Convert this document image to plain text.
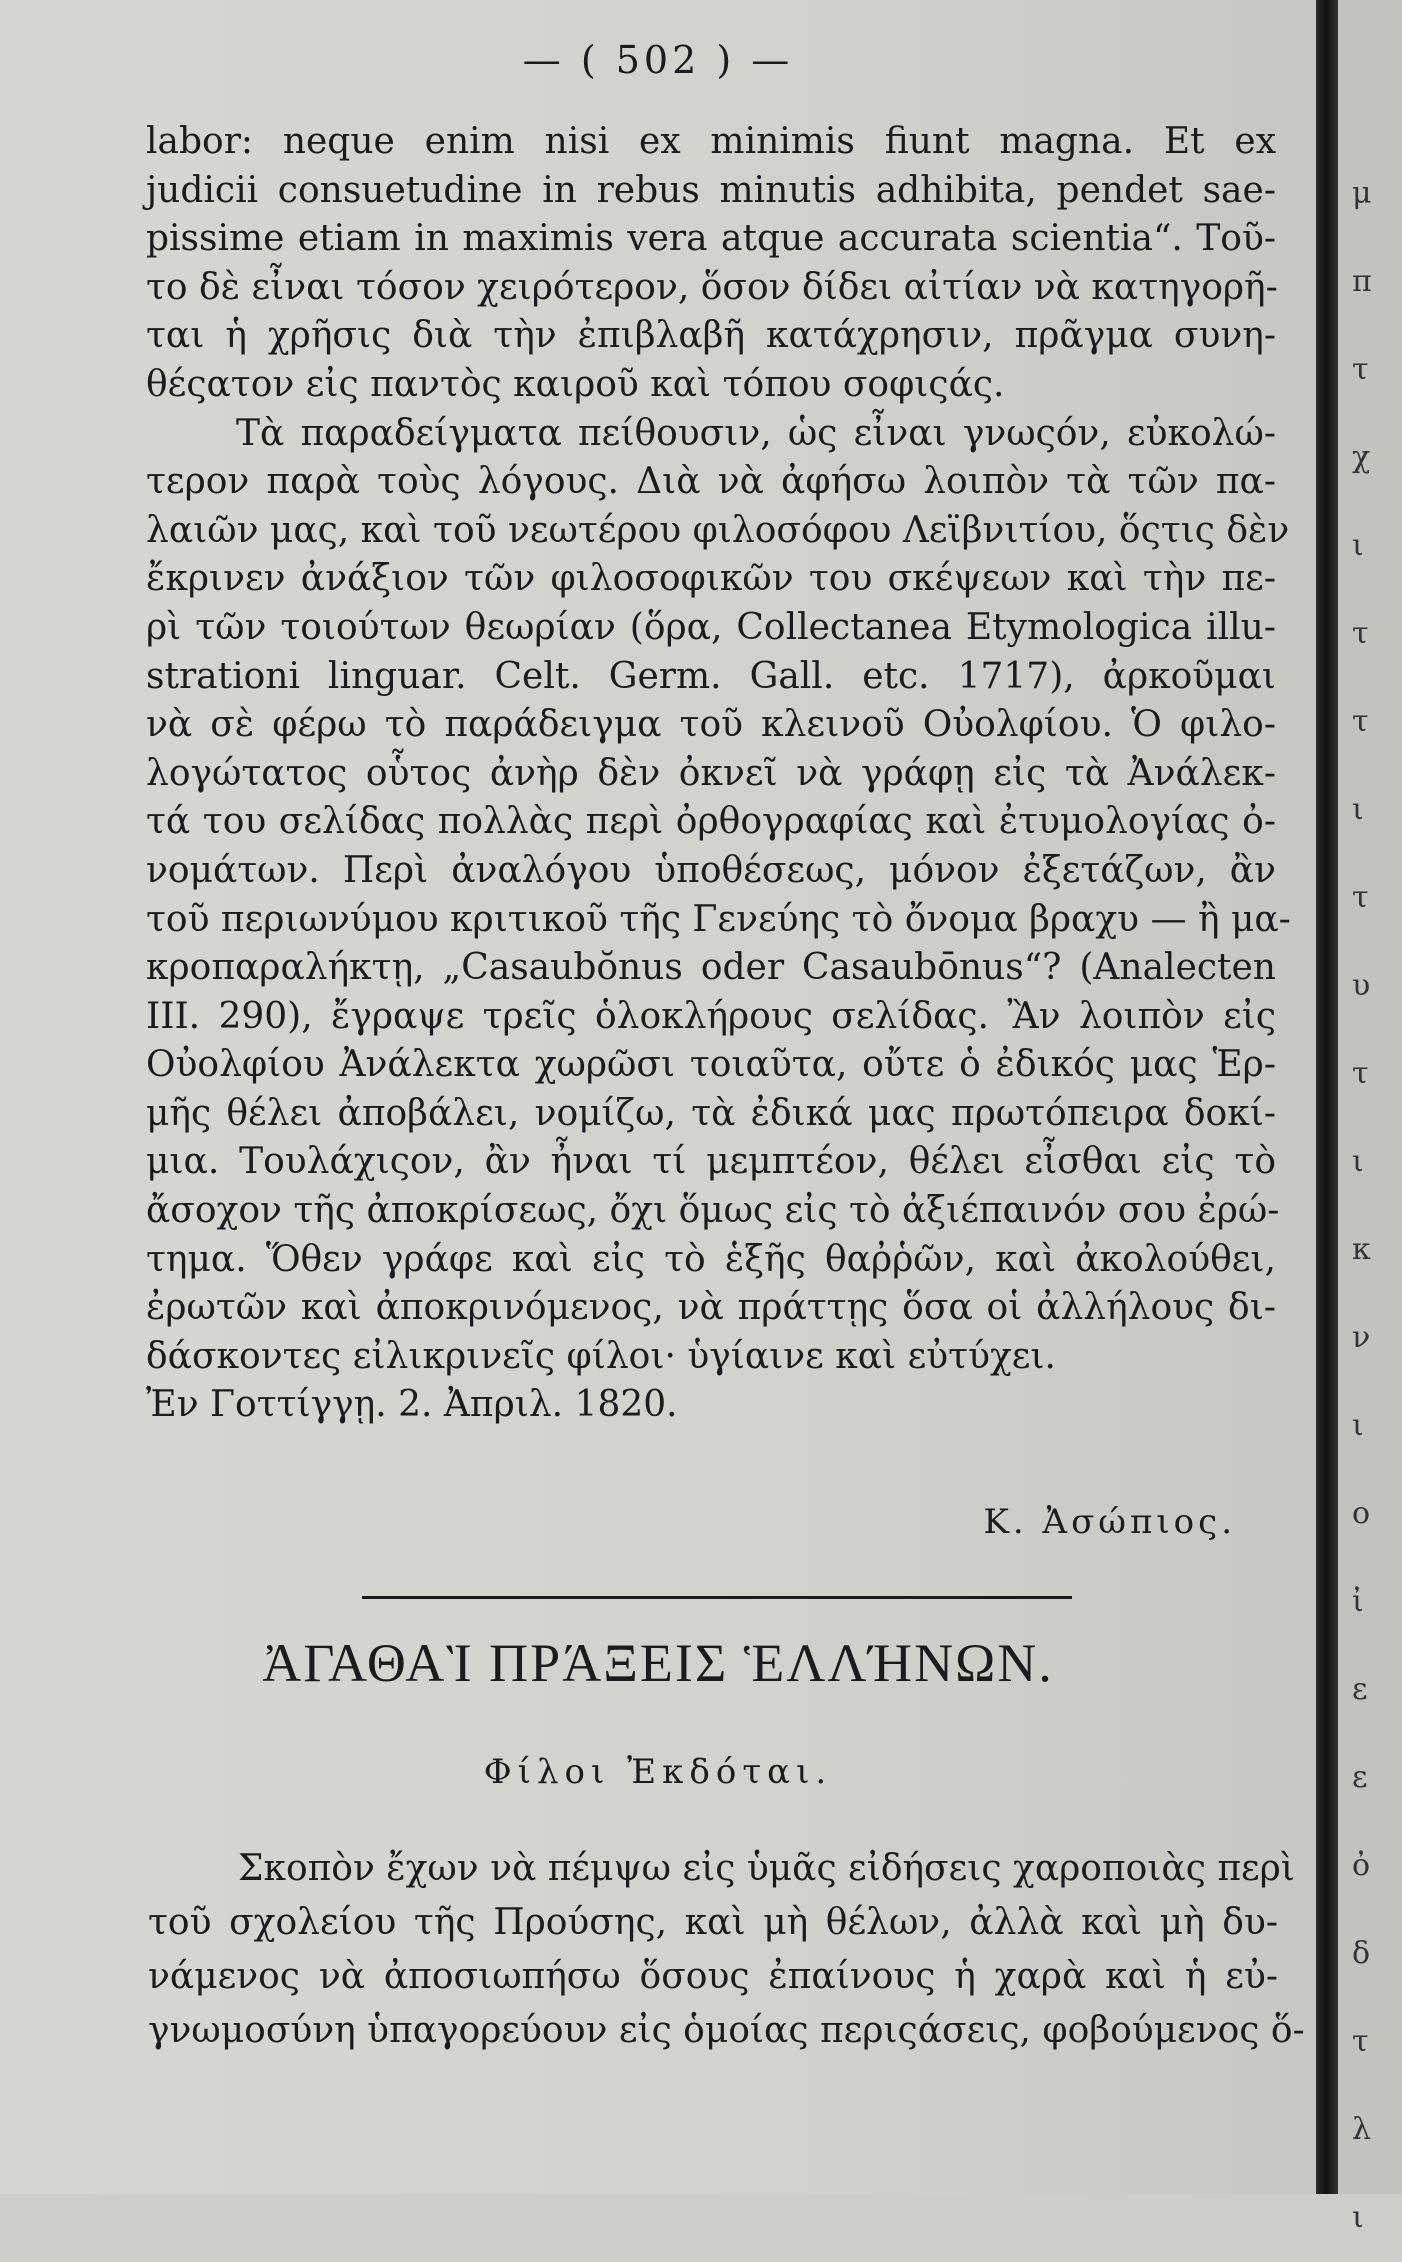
— ( 502 ) —
labor: neque enim nisi ex minimis fiunt magna. Et ex
judicii consuetudine in rebus minutis adhibita, pendet sae-
pissime etiam in maximis vera atque accurata scientia“. Τοῦ-
το δὲ εἶναι τόσον χειρότερον, ὅσον δίδει αἰτίαν νὰ κατηγορῆ-
ται ἡ χρῆσις διὰ τὴν ἐπιβλαβῆ κατάχρησιν, πρᾶγμα συνη-
θέςατον εἰς παντὸς καιροῦ καὶ τόπου σοφιςάς.
Τὰ παραδείγματα πείθουσιν, ὡς εἶναι γνωςόν, εὐκολώ-
τερον παρὰ τοὺς λόγους. Διὰ νὰ ἀφήσω λοιπὸν τὰ τῶν πα-
λαιῶν μας, καὶ τοῦ νεωτέρου φιλοσόφου Λεϊβνιτίου, ὅςτις δὲν
ἔκρινεν ἀνάξιον τῶν φιλοσοφικῶν του σκέψεων καὶ τὴν πε-
ρὶ τῶν τοιούτων θεωρίαν (ὅρα, Collectanea Etymologica illu-
strationi linguar. Celt. Germ. Gall. etc. 1717), ἀρκοῦμαι
νὰ σὲ φέρω τὸ παράδειγμα τοῦ κλεινοῦ Οὐολφίου. Ὁ φιλο-
λογώτατος οὗτος ἀνὴρ δὲν ὀκνεῖ νὰ γράφῃ εἰς τὰ Ἀνάλεκ-
τά του σελίδας πολλὰς περὶ ὀρθογραφίας καὶ ἐτυμολογίας ὀ-
νομάτων. Περὶ ἀναλόγου ὑποθέσεως, μόνον ἐξετάζων, ἂν
τοῦ περιωνύμου κριτικοῦ τῆς Γενεύης τὸ ὄνομα βραχυ — ἢ μα-
κροπαραλήκτῃ, „Casaubŏnus oder Casaubōnus“? (Analecten
III. 290), ἔγραψε τρεῖς ὁλοκλήρους σελίδας. Ἂν λοιπὸν εἰς
Οὐολφίου Ἀνάλεκτα χωρῶσι τοιαῦτα, οὔτε ὁ ἐδικός μας Ἑρ-
μῆς θέλει ἀποβάλει, νομίζω, τὰ ἐδικά μας πρωτόπειρα δοκί-
μια. Τουλάχιςον, ἂν ἦναι τί μεμπτέον, θέλει εἶσθαι εἰς τὸ
ἄσοχον τῆς ἀποκρίσεως, ὄχι ὅμως εἰς τὸ ἀξιέπαινόν σου ἐρώ-
τημα. Ὅθεν γράφε καὶ εἰς τὸ ἑξῆς θαῤῥῶν, καὶ ἀκολούθει,
ἐρωτῶν καὶ ἀποκρινόμενος, νὰ πράττῃς ὅσα οἱ ἀλλήλους δι-
δάσκοντες εἰλικρινεῖς φίλοι· ὑγίαινε καὶ εὐτύχει.
Ἐν Γοττίγγῃ. 2. Ἀπριλ. 1820.
Κ. Ἀσώπιος.
ἈΓΑΘΑῚ ΠΡΆΞΕΙΣ ἙΛΛΉΝΩΝ.
Φίλοι Ἐκδόται.
Σκοπὸν ἔχων νὰ πέμψω εἰς ὑμᾶς εἰδήσεις χαροποιὰς περὶ
τοῦ σχολείου τῆς Προύσης, καὶ μὴ θέλων, ἀλλὰ καὶ μὴ δυ-
νάμενος νὰ ἀποσιωπήσω ὅσους ἐπαίνους ἡ χαρὰ καὶ ἡ εὐ-
γνωμοσύνη ὑπαγορεύουν εἰς ὁμοίας περιςάσεις, φοβούμενος ὅ-
μ
π
τ
χ
ι
τ
τ
ι
τ
υ
τ
ι
κ
ν
ι
ο
ἰ
ε
ε
ὀ
δ
τ
λ
ι
